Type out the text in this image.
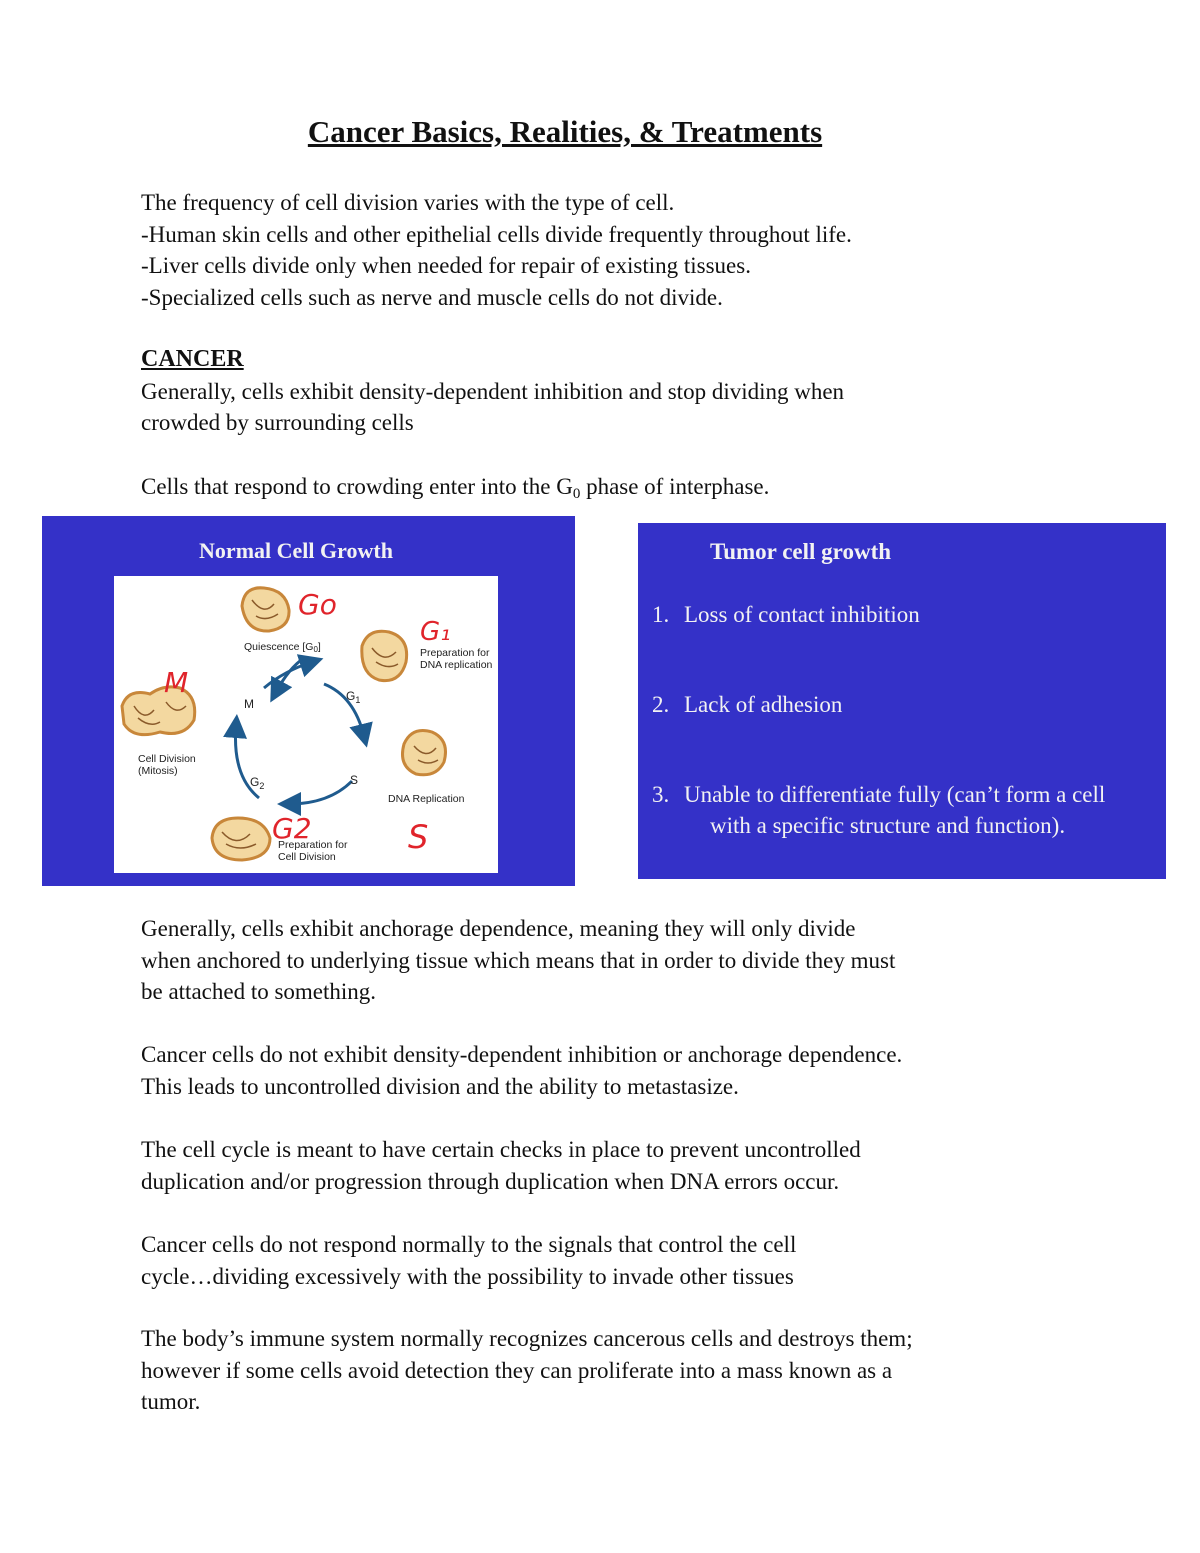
Cancer Basics, Realities, & Treatments

The frequency of cell division varies with the type of cell.
-Human skin cells and other epithelial cells divide frequently throughout life.
-Liver cells divide only when needed for repair of existing tissues.
-Specialized cells such as nerve and muscle cells do not divide.

CANCER
Generally, cells exhibit density-dependent inhibition and stop dividing when
crowded by surrounding cells

Cells that respond to crowding enter into the $G_0$ phase of interphase.

Normal Cell Growth
Quiescence [G0]	Preparation for
DNA replication
$G_1$
M
S
$G_2$
Cell Division
(Mitosis)
DNA Replication
Preparation for
Cell Division
Go
G₁
M
G2	S
Tumor cell growth

1. Loss of contact inhibition

2. Lack of adhesion

3. Unable to differentiate fully (can’t form a cell
with a specific structure and function).

Generally, cells exhibit anchorage dependence, meaning they will only divide
when anchored to underlying tissue which means that in order to divide they must
be attached to something.

Cancer cells do not exhibit density-dependent inhibition or anchorage dependence.
This leads to uncontrolled division and the ability to metastasize.

The cell cycle is meant to have certain checks in place to prevent uncontrolled
duplication and/or progression through duplication when DNA errors occur.

Cancer cells do not respond normally to the signals that control the cell
cycle…dividing excessively with the possibility to invade other tissues

The body’s immune system normally recognizes cancerous cells and destroys them;
however if some cells avoid detection they can proliferate into a mass known as a
tumor.
